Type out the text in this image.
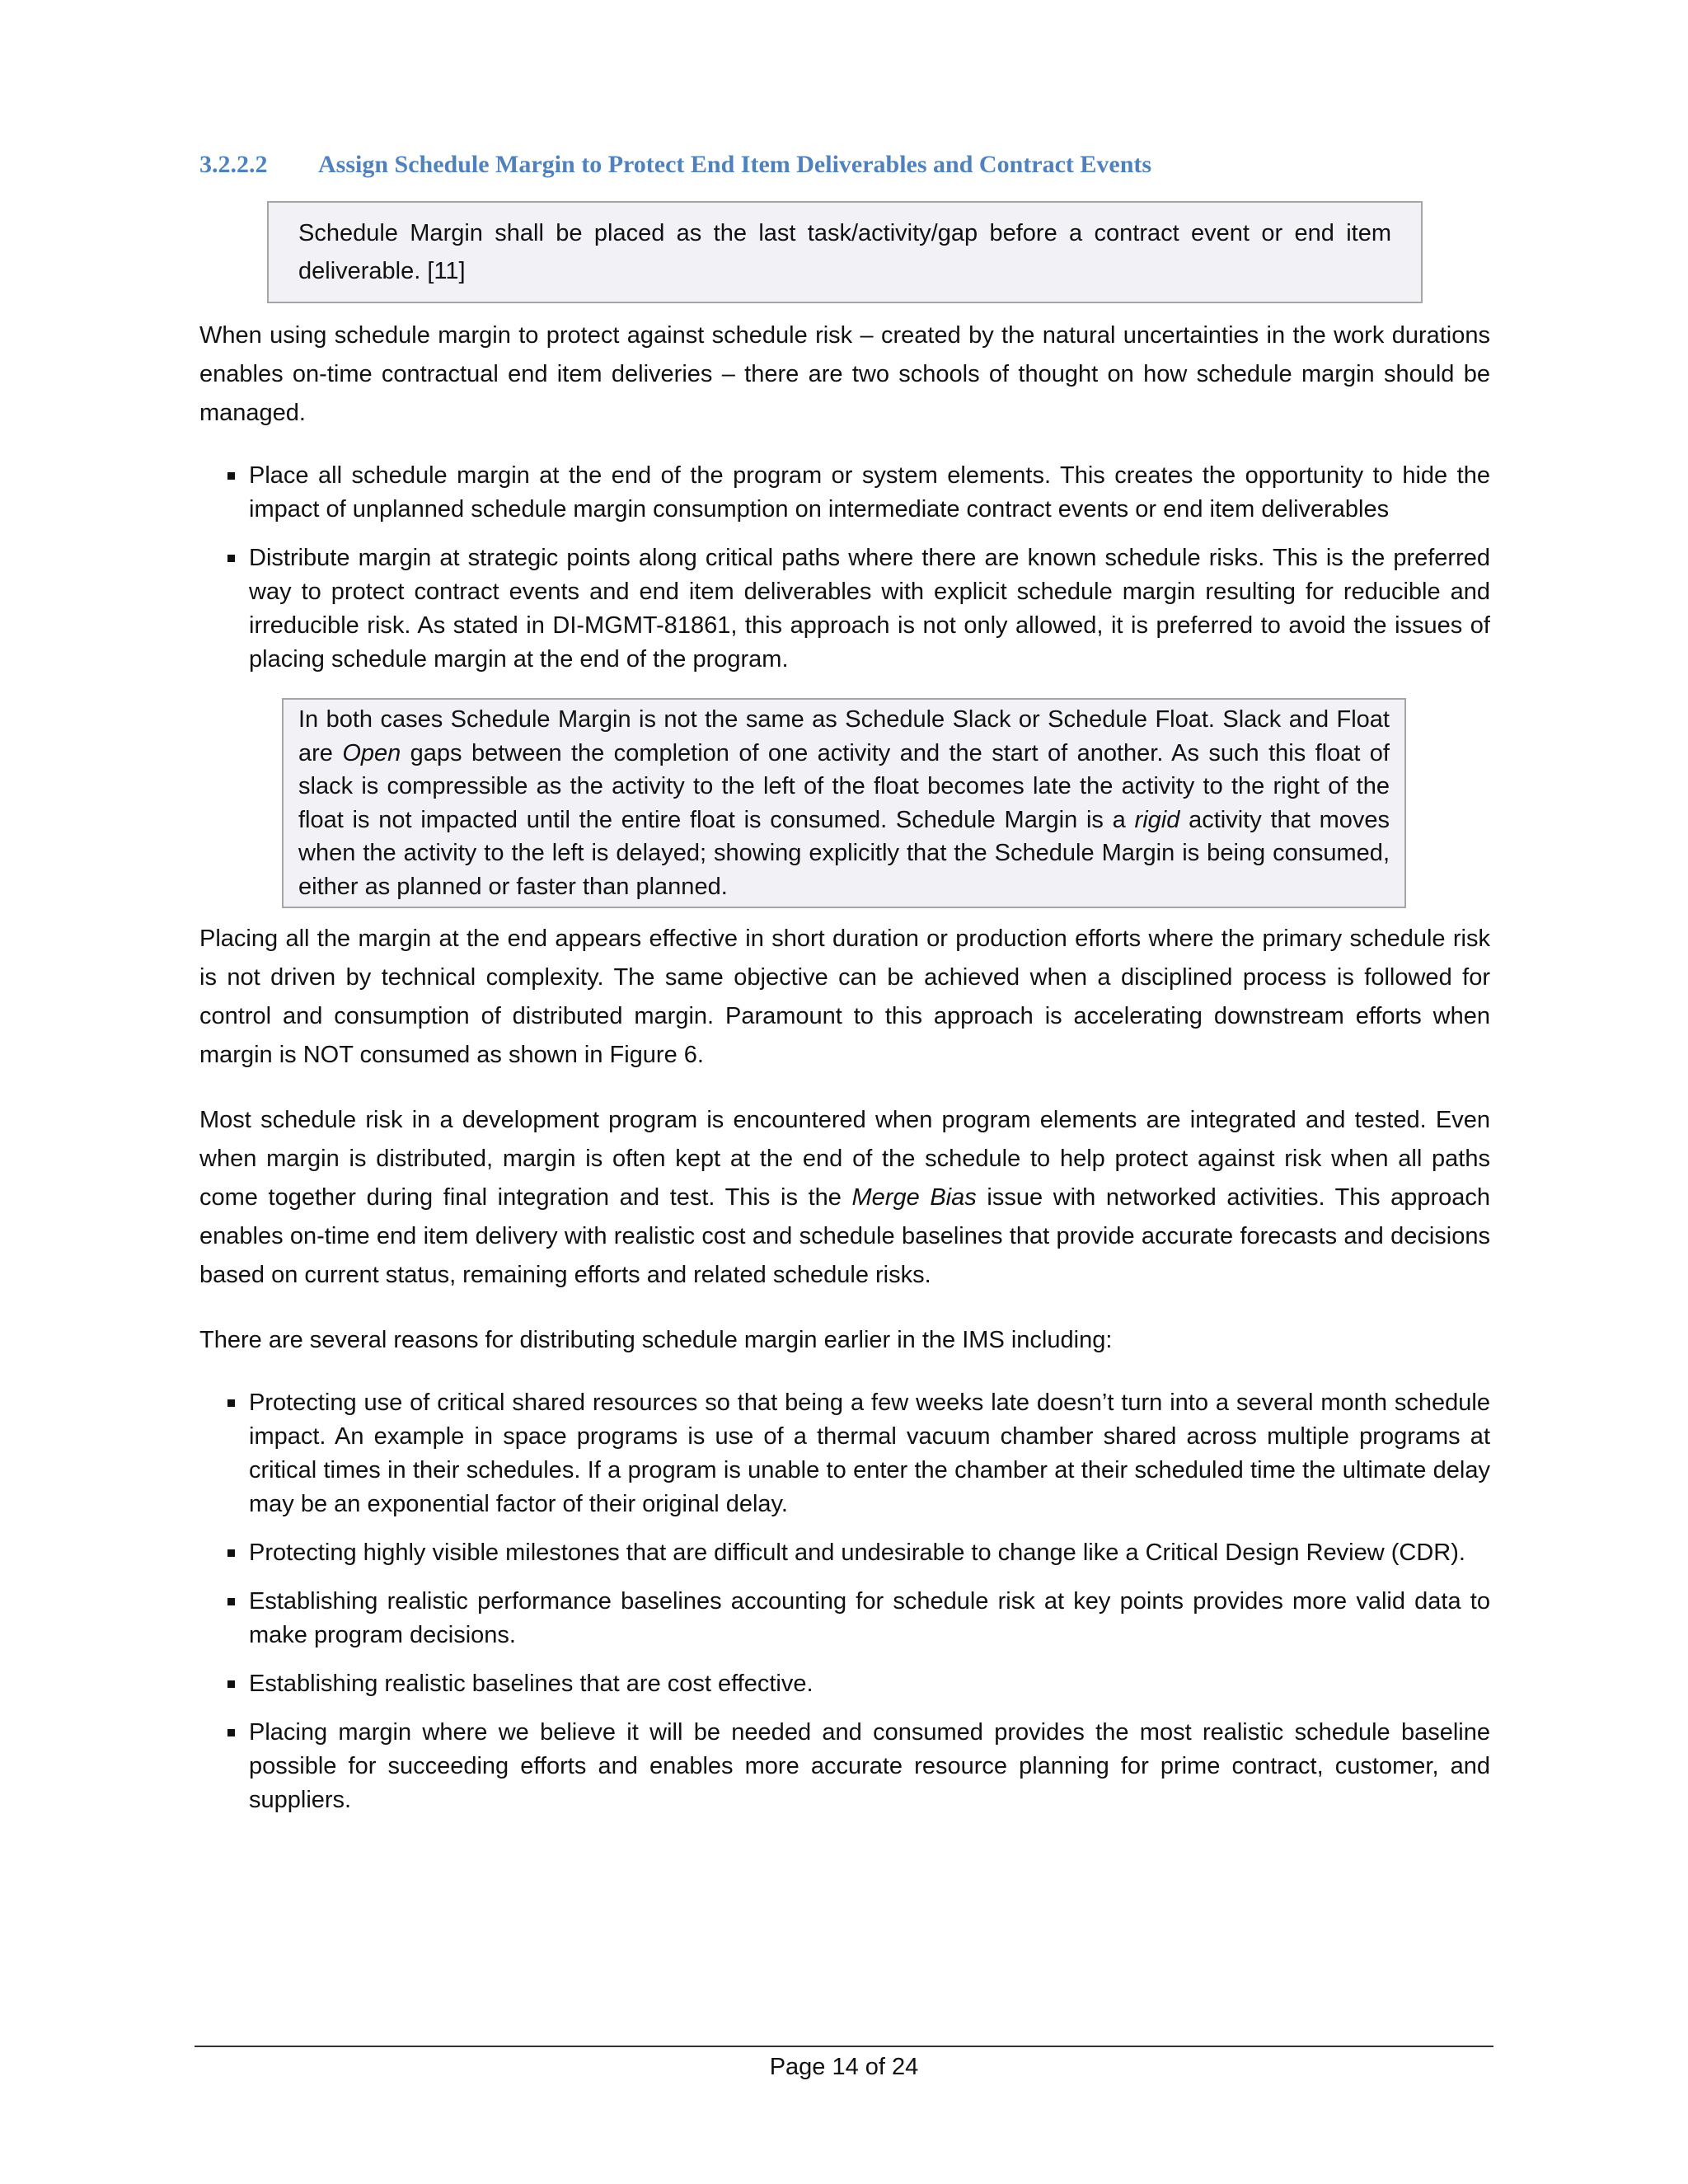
3.2.2.2 Assign Schedule Margin to Protect End Item Deliverables and Contract Events
Schedule Margin shall be placed as the last task/activity/gap before a contract event or end item deliverable. [11]

When using schedule margin to protect against schedule risk – created by the natural uncertainties in the work durations enables on-time contractual end item deliveries – there are two schools of thought on how schedule margin should be managed.

Place all schedule margin at the end of the program or system elements. This creates the opportunity to hide the impact of unplanned schedule margin consumption on intermediate contract events or end item deliverables
Distribute margin at strategic points along critical paths where there are known schedule risks. This is the preferred way to protect contract events and end item deliverables with explicit schedule margin resulting for reducible and irreducible risk. As stated in DI-MGMT-81861, this approach is not only allowed, it is preferred to avoid the issues of placing schedule margin at the end of the program.
In both cases Schedule Margin is not the same as Schedule Slack or Schedule Float. Slack and Float are Open gaps between the completion of one activity and the start of another. As such this float of slack is compressible as the activity to the left of the float becomes late the activity to the right of the float is not impacted until the entire float is consumed. Schedule Margin is a rigid activity that moves when the activity to the left is delayed; showing explicitly that the Schedule Margin is being consumed, either as planned or faster than planned.

Placing all the margin at the end appears effective in short duration or production efforts where the primary schedule risk is not driven by technical complexity. The same objective can be achieved when a disciplined process is followed for control and consumption of distributed margin. Paramount to this approach is accelerating downstream efforts when margin is NOT consumed as shown in Figure 6.

Most schedule risk in a development program is encountered when program elements are integrated and tested. Even when margin is distributed, margin is often kept at the end of the schedule to help protect against risk when all paths come together during final integration and test. This is the Merge Bias issue with networked activities. This approach enables on-time end item delivery with realistic cost and schedule baselines that provide accurate forecasts and decisions based on current status, remaining efforts and related schedule risks.

There are several reasons for distributing schedule margin earlier in the IMS including:

Protecting use of critical shared resources so that being a few weeks late doesn’t turn into a several month schedule impact. An example in space programs is use of a thermal vacuum chamber shared across multiple programs at critical times in their schedules. If a program is unable to enter the chamber at their scheduled time the ultimate delay may be an exponential factor of their original delay.
Protecting highly visible milestones that are difficult and undesirable to change like a Critical Design Review (CDR).
Establishing realistic performance baselines accounting for schedule risk at key points provides more valid data to make program decisions.
Establishing realistic baselines that are cost effective.
Placing margin where we believe it will be needed and consumed provides the most realistic schedule baseline possible for succeeding efforts and enables more accurate resource planning for prime contract, customer, and suppliers.
Page 14 of 24
